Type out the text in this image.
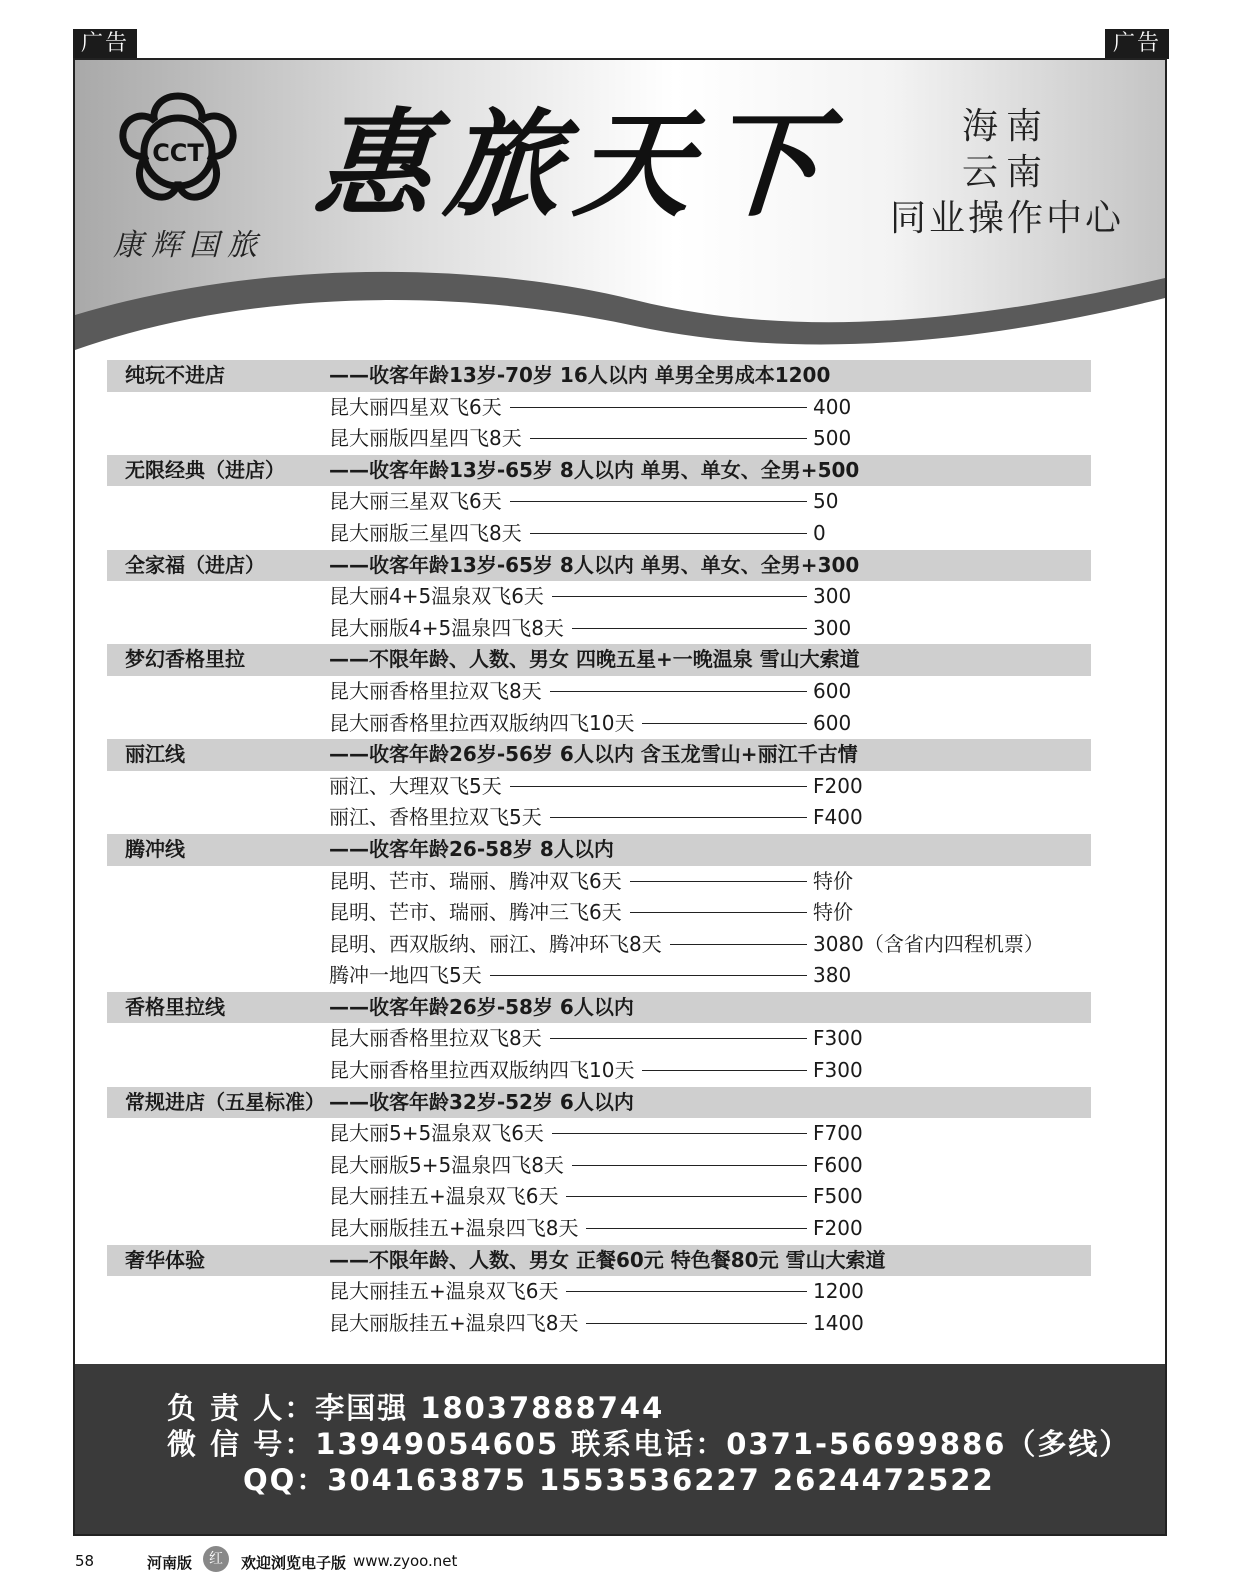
广告	广告
CCT
康辉国旅
惠旅天下	海南
云南
同业操作中心
纯玩不进店	——收客年龄13岁-70岁 16人以内 单男全男成本1200
昆大丽四星双飞6天	400
昆大丽版四星四飞8天	500
无限经典（进店） ——收客年龄13岁-65岁 8人以内 单男、单女、全男+500
昆大丽三星双飞6天	50
昆大丽版三星四飞8天	0
全家福（进店）	——收客年龄13岁-65岁 8人以内 单男、单女、全男+300
昆大丽4+5温泉双飞6天	300
昆大丽版4+5温泉四飞8天	300
梦幻香格里拉	——不限年龄、人数、男女 四晚五星+一晚温泉 雪山大索道
昆大丽香格里拉双飞8天	600
昆大丽香格里拉西双版纳四飞10天	600
丽江线	——收客年龄26岁-56岁 6人以内 含玉龙雪山+丽江千古情
丽江、大理双飞5天	F200
丽江、香格里拉双飞5天	F400
腾冲线	——收客年龄26-58岁 8人以内
昆明、芒市、瑞丽、腾冲双飞6天	特价
昆明、芒市、瑞丽、腾冲三飞6天	特价
昆明、西双版纳、丽江、腾冲环飞8天	3080（含省内四程机票）
腾冲一地四飞5天	380
香格里拉线	——收客年龄26岁-58岁 6人以内
昆大丽香格里拉双飞8天	F300
昆大丽香格里拉西双版纳四飞10天	F300
常规进店（五星标准） ——收客年龄32岁-52岁 6人以内
昆大丽5+5温泉双飞6天	F700
昆大丽版5+5温泉四飞8天	F600
昆大丽挂五+温泉双飞6天	F500
昆大丽版挂五+温泉四飞8天	F200
奢华体验	——不限年龄、人数、男女 正餐60元 特色餐80元 雪山大索道
昆大丽挂五+温泉双飞6天	1200
昆大丽版挂五+温泉四飞8天	1400
负 责 人：李国强 18037888744
微 信 号：13949054605 联系电话：0371-56699886（多线）
QQ：304163875 1553536227 2624472522
58	河南版	红	欢迎浏览电子版 www.zyoo.net
